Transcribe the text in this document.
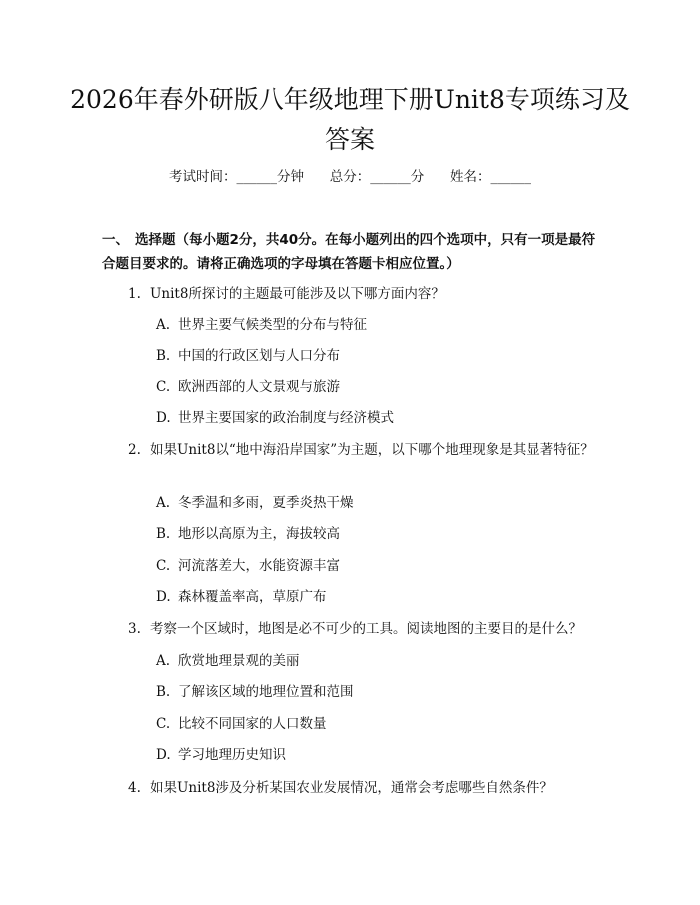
2026年春外研版八年级地理下册Unit8专项练习及答案
考试时间：______分钟      总分：______分      姓名：______
一、 选择题（每小题2分，共40分。在每小题列出的四个选项中，只有一项是最符合题目要求的。请将正确选项的字母填在答题卡相应位置。）
1. Unit8所探讨的主题最可能涉及以下哪方面内容？
A. 世界主要气候类型的分布与特征
B. 中国的行政区划与人口分布
C. 欧洲西部的人文景观与旅游
D. 世界主要国家的政治制度与经济模式
2. 如果Unit8以“地中海沿岸国家”为主题，以下哪个地理现象是其显著特征？
A. 冬季温和多雨，夏季炎热干燥
B. 地形以高原为主，海拔较高
C. 河流落差大，水能资源丰富
D. 森林覆盖率高，草原广布
3. 考察一个区域时，地图是必不可少的工具。阅读地图的主要目的是什么？
A. 欣赏地理景观的美丽
B. 了解该区域的地理位置和范围
C. 比较不同国家的人口数量
D. 学习地理历史知识
4. 如果Unit8涉及分析某国农业发展情况，通常会考虑哪些自然条件？
